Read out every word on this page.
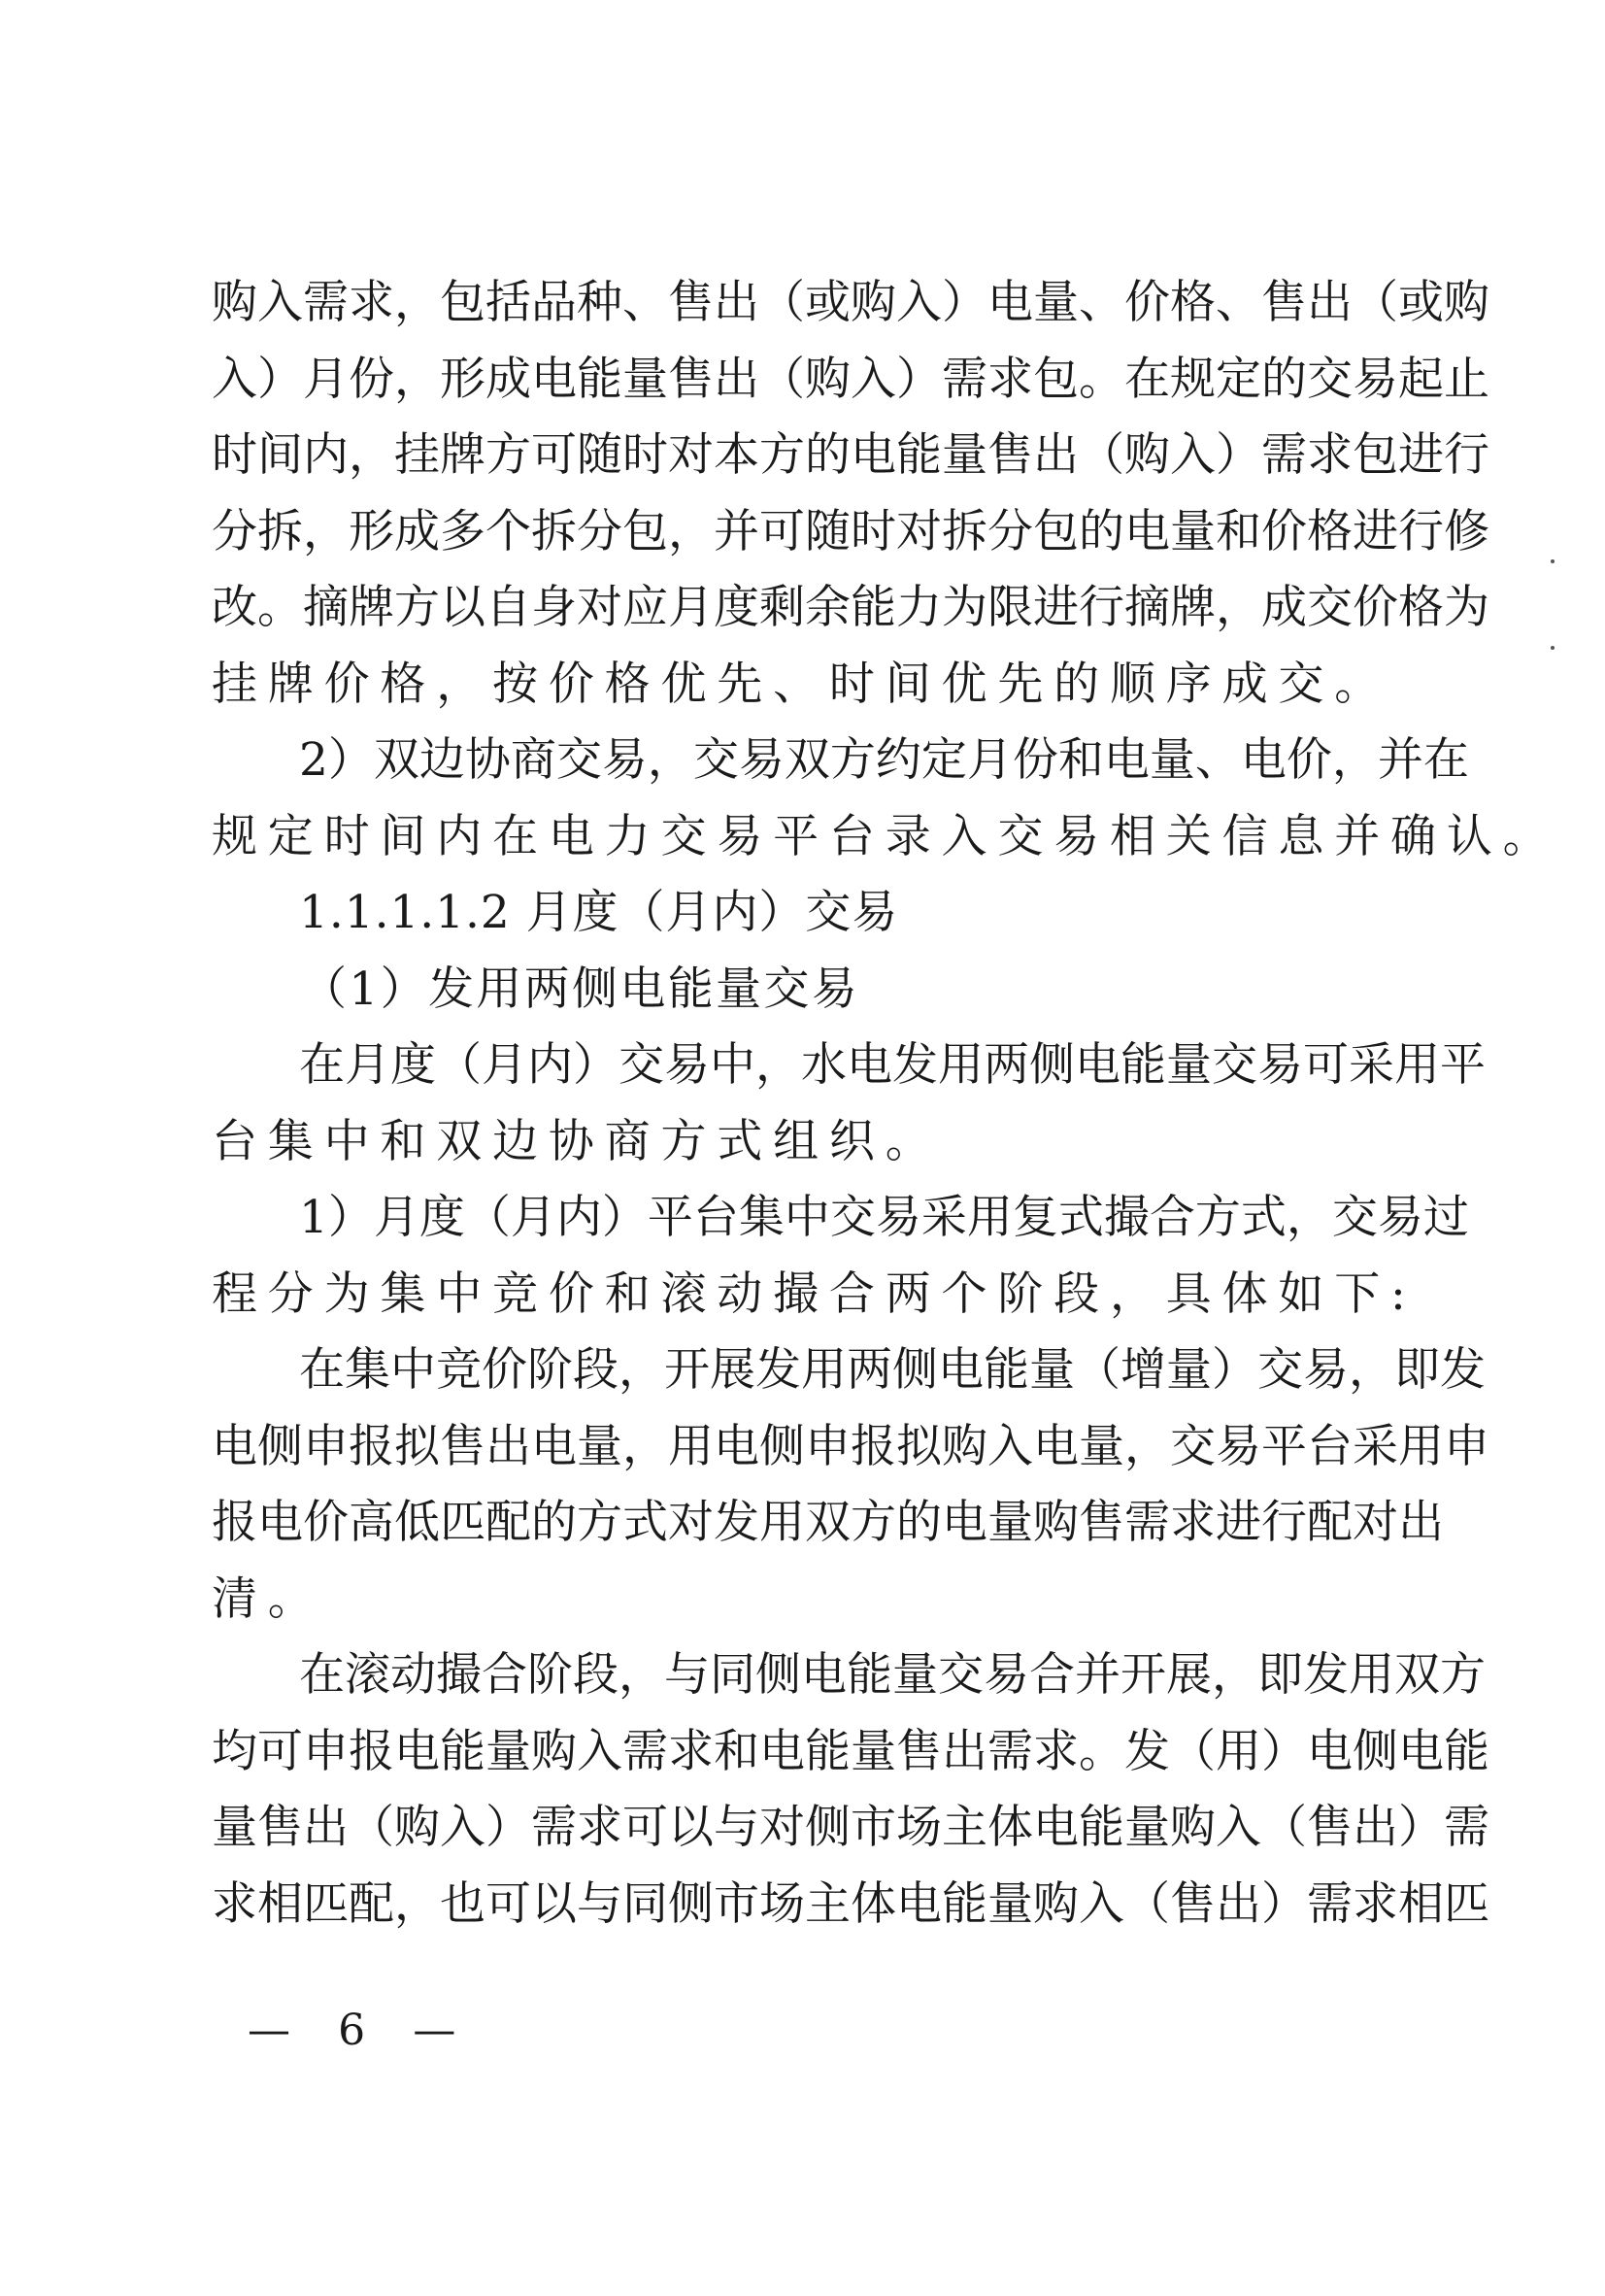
购入需求，包括品种、售出（或购入）电量、价格、售出（或购
入）月份，形成电能量售出（购入）需求包。在规定的交易起止
时间内，挂牌方可随时对本方的电能量售出（购入）需求包进行
分拆，形成多个拆分包，并可随时对拆分包的电量和价格进行修
改。摘牌方以自身对应月度剩余能力为限进行摘牌，成交价格为
挂牌价格，按价格优先、时间优先的顺序成交。
2）双边协商交易，交易双方约定月份和电量、电价，并在
规定时间内在电力交易平台录入交易相关信息并确认。
1.1.1.1.2 月度（月内）交易
（1）发用两侧电能量交易
在月度（月内）交易中，水电发用两侧电能量交易可采用平
台集中和双边协商方式组织。
1）月度（月内）平台集中交易采用复式撮合方式，交易过
程分为集中竞价和滚动撮合两个阶段，具体如下:
在集中竞价阶段，开展发用两侧电能量（增量）交易，即发
电侧申报拟售出电量，用电侧申报拟购入电量，交易平台采用申
报电价高低匹配的方式对发用双方的电量购售需求进行配对出
清。
在滚动撮合阶段，与同侧电能量交易合并开展，即发用双方
均可申报电能量购入需求和电能量售出需求。发（用）电侧电能
量售出（购入）需求可以与对侧市场主体电能量购入（售出）需
求相匹配，也可以与同侧市场主体电能量购入（售出）需求相匹
— 6 —
